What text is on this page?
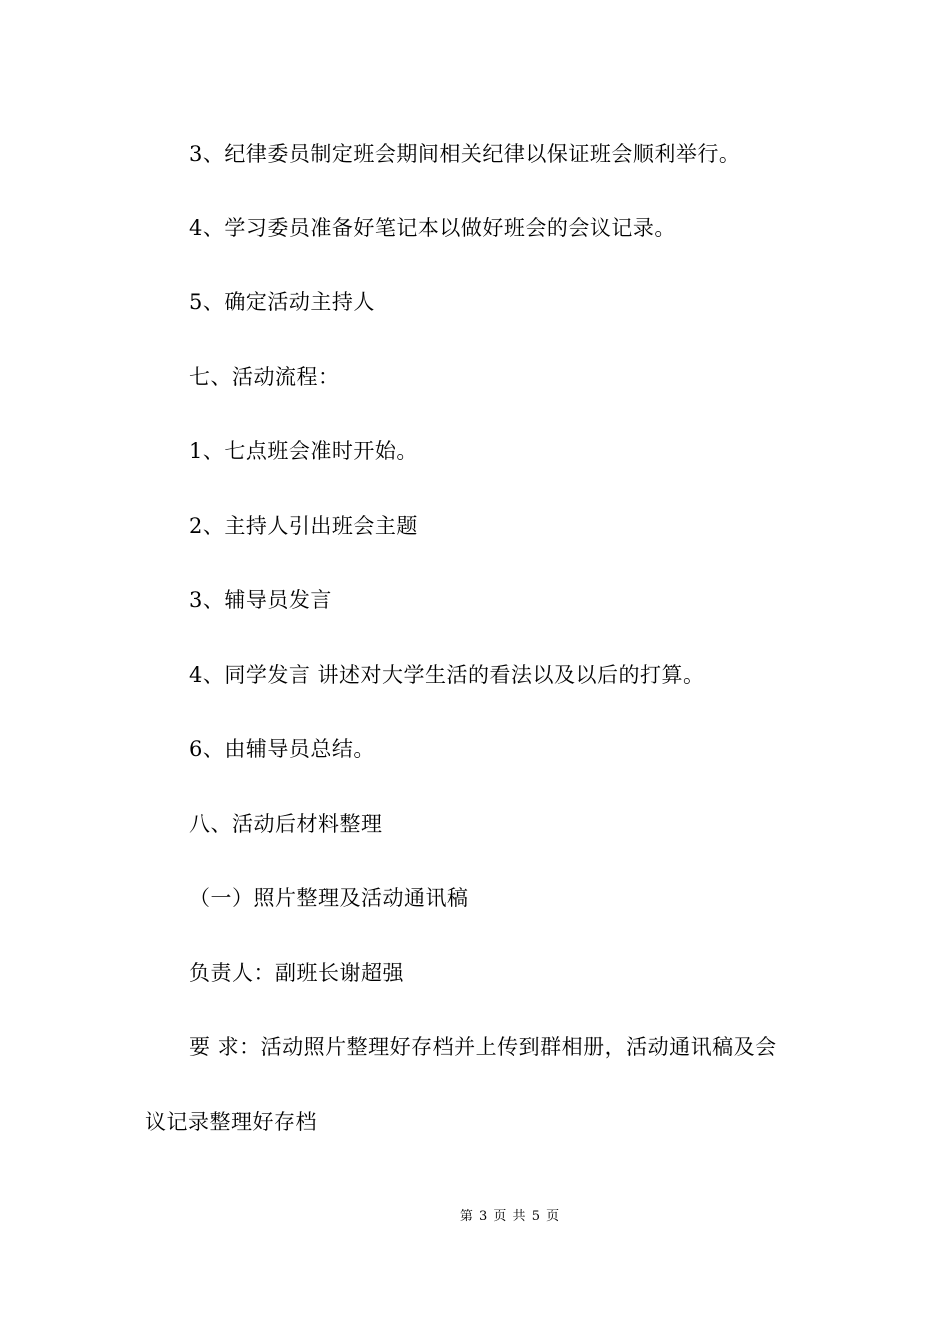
3、纪律委员制定班会期间相关纪律以保证班会顺利举行。
4、学习委员准备好笔记本以做好班会的会议记录。
5、确定活动主持人
七、活动流程：
1、七点班会准时开始。
2、主持人引出班会主题
3、辅导员发言
4、同学发言 讲述对大学生活的看法以及以后的打算。
6、由辅导员总结。
八、活动后材料整理
（一）照片整理及活动通讯稿
负责人：副班长谢超强
要 求：活动照片整理好存档并上传到群相册，活动通讯稿及会
议记录整理好存档
第 3 页 共 5 页
